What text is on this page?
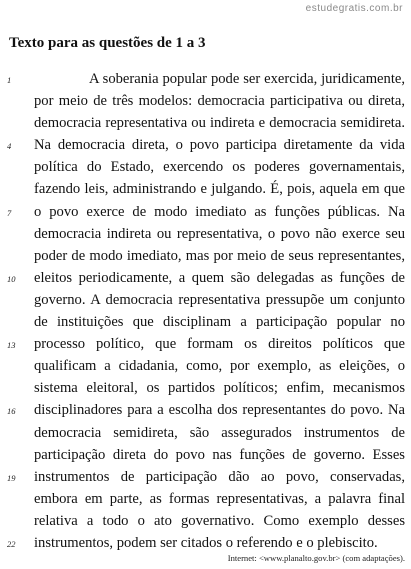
estudegratis.com.br
Texto para as questões de 1 a 3
1	A soberania popular pode ser exercida, juridicamente,
por meio de três modelos: democracia participativa ou direta,
democracia representativa ou indireta e democracia semidireta.
4	Na democracia direta, o povo participa diretamente da vida
política do Estado, exercendo os poderes governamentais,
fazendo leis, administrando e julgando. É, pois, aquela em que
7	o povo exerce de modo imediato as funções públicas. Na
democracia indireta ou representativa, o povo não exerce seu
poder de modo imediato, mas por meio de seus representantes,
10	eleitos periodicamente, a quem são delegadas as funções de
governo. A democracia representativa pressupõe um conjunto
de instituições que disciplinam a participação popular no
13	processo político, que formam os direitos políticos que
qualificam a cidadania, como, por exemplo, as eleições, o
sistema eleitoral, os partidos políticos; enfim, mecanismos
16	disciplinadores para a escolha dos representantes do povo. Na
democracia semidireta, são assegurados instrumentos de
participação direta do povo nas funções de governo. Esses
19	instrumentos de participação dão ao povo, conservadas,
embora em parte, as formas representativas, a palavra final
relativa a todo o ato governativo. Como exemplo desses
22	instrumentos, podem ser citados o referendo e o plebiscito.
Internet: <www.planalto.gov.br> (com adaptações).
